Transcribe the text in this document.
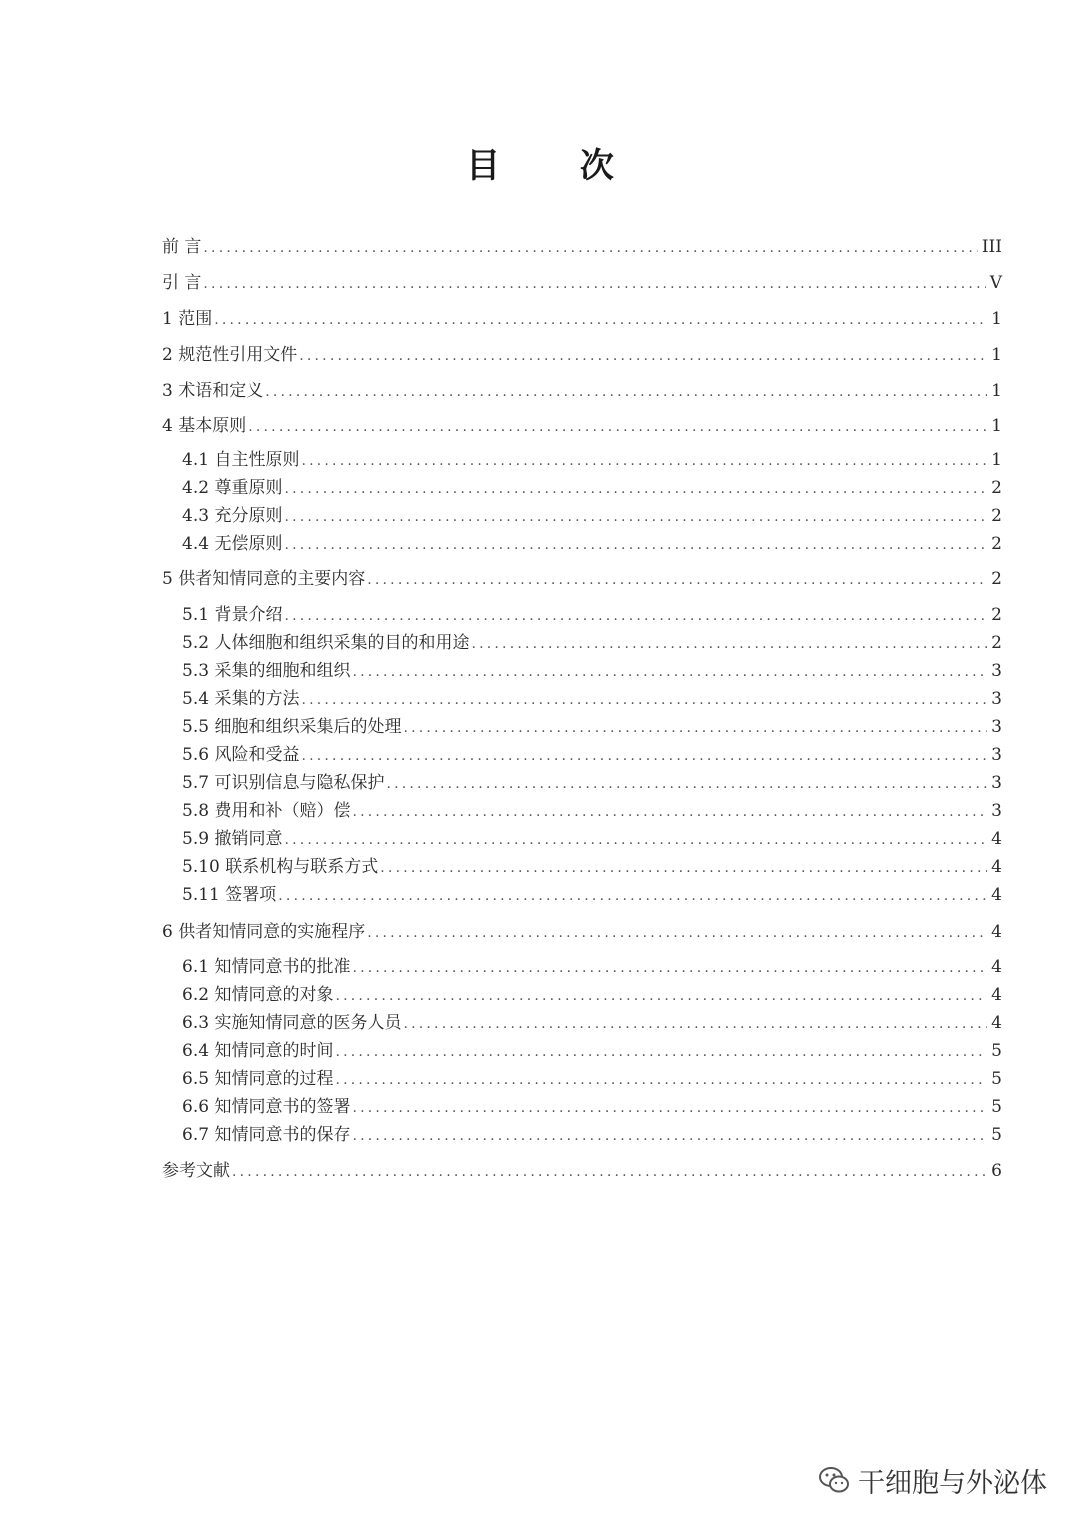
目 次
前 言 .....	III
引 言 .....	V
1 范围 .....	1
2 规范性引用文件 .....	1
3 术语和定义 .....	1
4 基本原则 .....	1
4.1 自主性原则 .....	1
4.2 尊重原则 .....	2
4.3 充分原则 .....	2
4.4 无偿原则 .....	2
5 供者知情同意的主要内容 .....	2
5.1 背景介绍 .....	2
5.2 人体细胞和组织采集的目的和用途 .....	2
5.3 采集的细胞和组织 .....	3
5.4 采集的方法 .....	3
5.5 细胞和组织采集后的处理 .....	3
5.6 风险和受益 .....	3
5.7 可识别信息与隐私保护 .....	3
5.8 费用和补（赔）偿 .....	3
5.9 撤销同意 .....	4
5.10 联系机构与联系方式 .....	4
5.11 签署项 .....	4
6 供者知情同意的实施程序 .....	4
6.1 知情同意书的批准 .....	4
6.2 知情同意的对象 .....	4
6.3 实施知情同意的医务人员 .....	4
6.4 知情同意的时间 .....	5
6.5 知情同意的过程 .....	5
6.6 知情同意书的签署 .....	5
6.7 知情同意书的保存 .....	5
参考文献 .....	6
干细胞与外泌体
